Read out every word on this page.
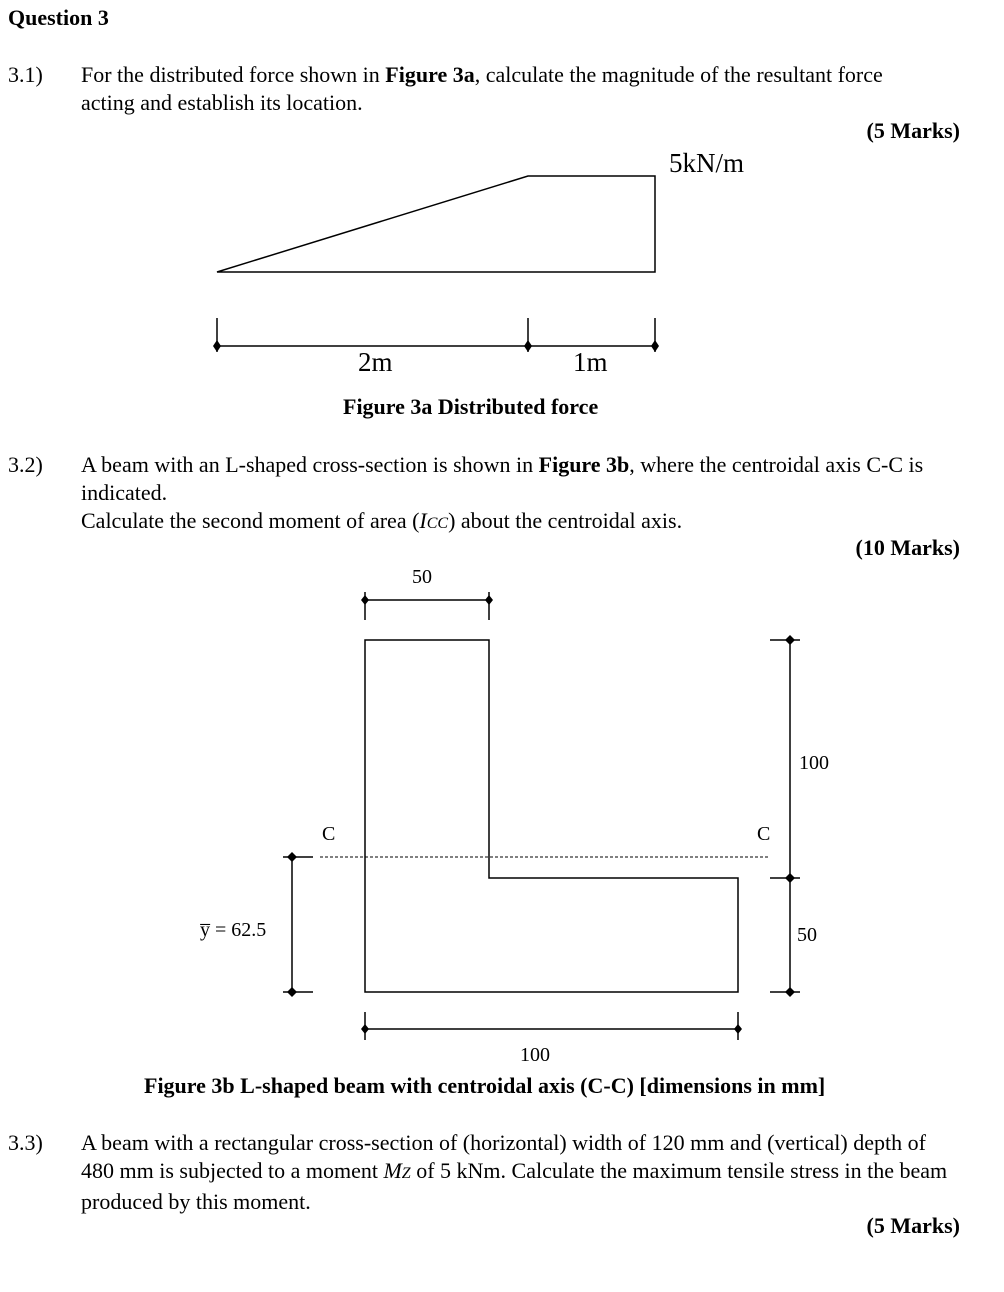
Question 3
3.1) For the distributed force shown in Figure 3a, calculate the magnitude of the resultant force acting and establish its location.
(5 Marks)
5kN/m
2m	1m
Figure 3a Distributed force
3.2) A beam with an L-shaped cross-section is shown in Figure 3b, where the centroidal axis C-C is indicated.
Calculate the second moment of area (ICC) about the centroidal axis.
(10 Marks)
50
100
50
C	C
y̅ = 62.5
100
Figure 3b L-shaped beam with centroidal axis (C-C) [dimensions in mm]
3.3) A beam with a rectangular cross-section of (horizontal) width of 120 mm and (vertical) depth of 480 mm is subjected to a moment MZ of 5 kNm. Calculate the maximum tensile stress in the beam produced by this moment.
(5 Marks)
